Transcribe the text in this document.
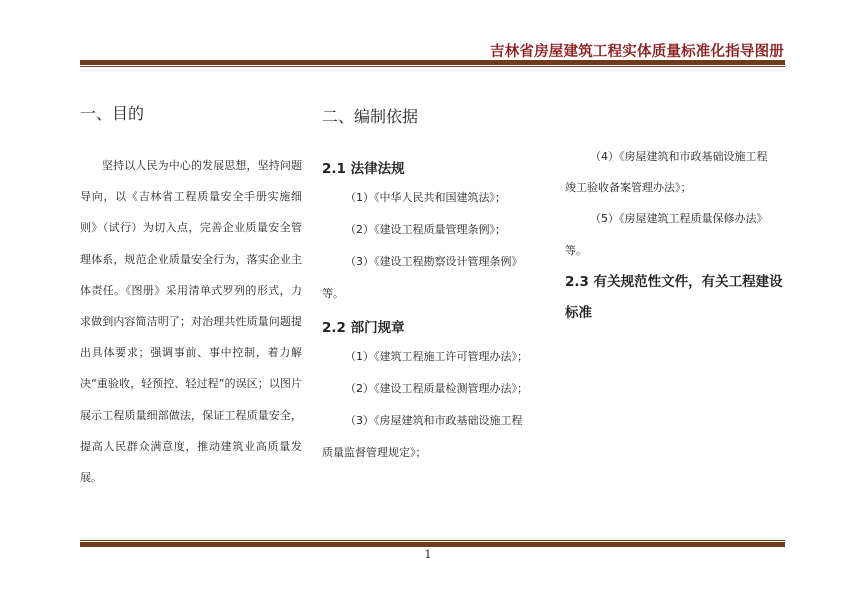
吉林省房屋建筑工程实体质量标准化指导图册
一、目的
坚持以人民为中心的发展思想，坚持问题导向，以《吉林省工程质量安全手册实施细则》（试行）为切入点，完善企业质量安全管理体系，规范企业质量安全行为，落实企业主体责任。《图册》采用清单式罗列的形式，力求做到内容简洁明了；对治理共性质量问题提出具体要求；强调事前、事中控制，着力解决“重验收，轻预控、轻过程”的误区；以图片展示工程质量细部做法，保证工程质量安全，提高人民群众满意度，推动建筑业高质量发展。
二、编制依据
2.1 法律法规
（1）《中华人民共和国建筑法》；
（2）《建设工程质量管理条例》；
（3）《建设工程勘察设计管理条例》
等。
2.2 部门规章
（1）《建筑工程施工许可管理办法》；
（2）《建设工程质量检测管理办法》；
（3）《房屋建筑和市政基础设施工程
质量监督管理规定》；
（4）《房屋建筑和市政基础设施工程
竣工验收备案管理办法》；
（5）《房屋建筑工程质量保修办法》
等。
2.3 有关规范性文件，有关工程建设标准
1
